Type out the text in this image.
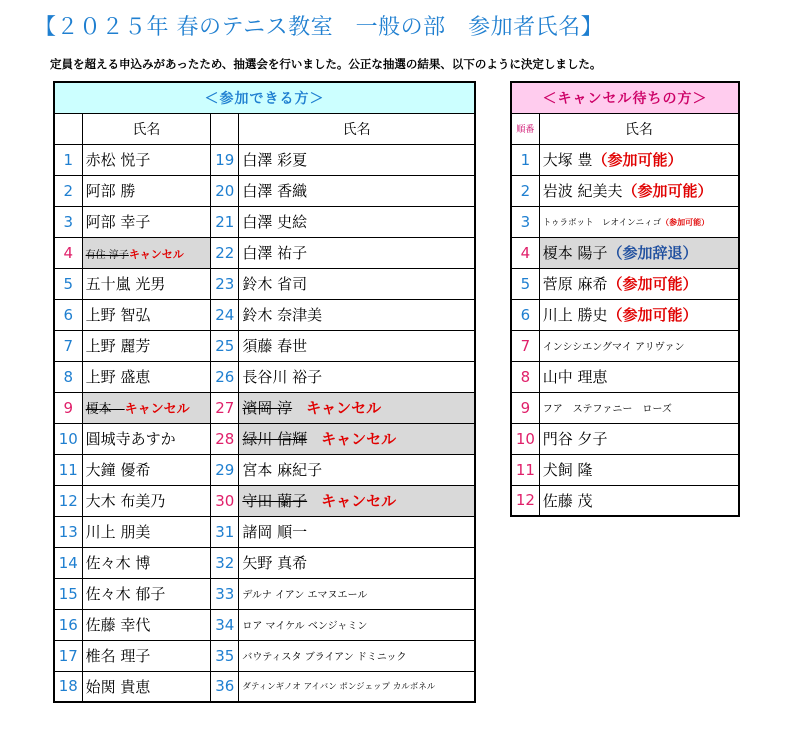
【２０２５年 春のテニス教室　一般の部　参加者氏名】
定員を超える申込みがあったため、抽選会を行いました。公正な抽選の結果、以下のように決定しました。
＜参加できる方＞			
	氏名		氏名
1	赤松 悦子	19	白澤 彩夏
2	阿部 勝	20	白澤 香織
3	阿部 幸子	21	白澤 史絵
4	有住 淳子キャンセル	22	白澤 祐子
5	五十嵐 光男	23	鈴木 省司
6	上野 智弘	24	鈴木 奈津美
7	上野 麗芳	25	須藤 春世
8	上野 盛恵	26	長谷川 裕子
9	榎本　キャンセル	27	濱岡 淳 キャンセル
10	圓城寺あすか	28	緑川 信輝 キャンセル
11	大鐘 優希	29	宮本 麻紀子
12	大木 布美乃	30	守田 蘭子 キャンセル
13	川上 朋美	31	諸岡 順一
14	佐々木 博	32	矢野 真希
15	佐々木 郁子	33	デルナ イアン エマヌエール
16	佐藤 幸代	34	ロア マイケル ベンジャミン
17	椎名 理子	35	バウティスタ ブライアン ドミニック
18	始関 貴恵	36	ダティンギノオ アイバン ポンジェップ カルボネル
＜キャンセル待ちの方＞	
順番	氏名
1	大塚 豊（参加可能）
2	岩波 紀美夫（参加可能）
3	トゥラボット　レオインニィゴ（参加可能）
4	榎本 陽子（参加辞退）
5	菅原 麻希（参加可能）
6	川上 勝史（参加可能）
7	インシシエングマイ アリヴァン
8	山中 理恵
9	フア　ステファニー　ローズ
10	門谷 夕子
11	犬飼 隆
12	佐藤 茂
